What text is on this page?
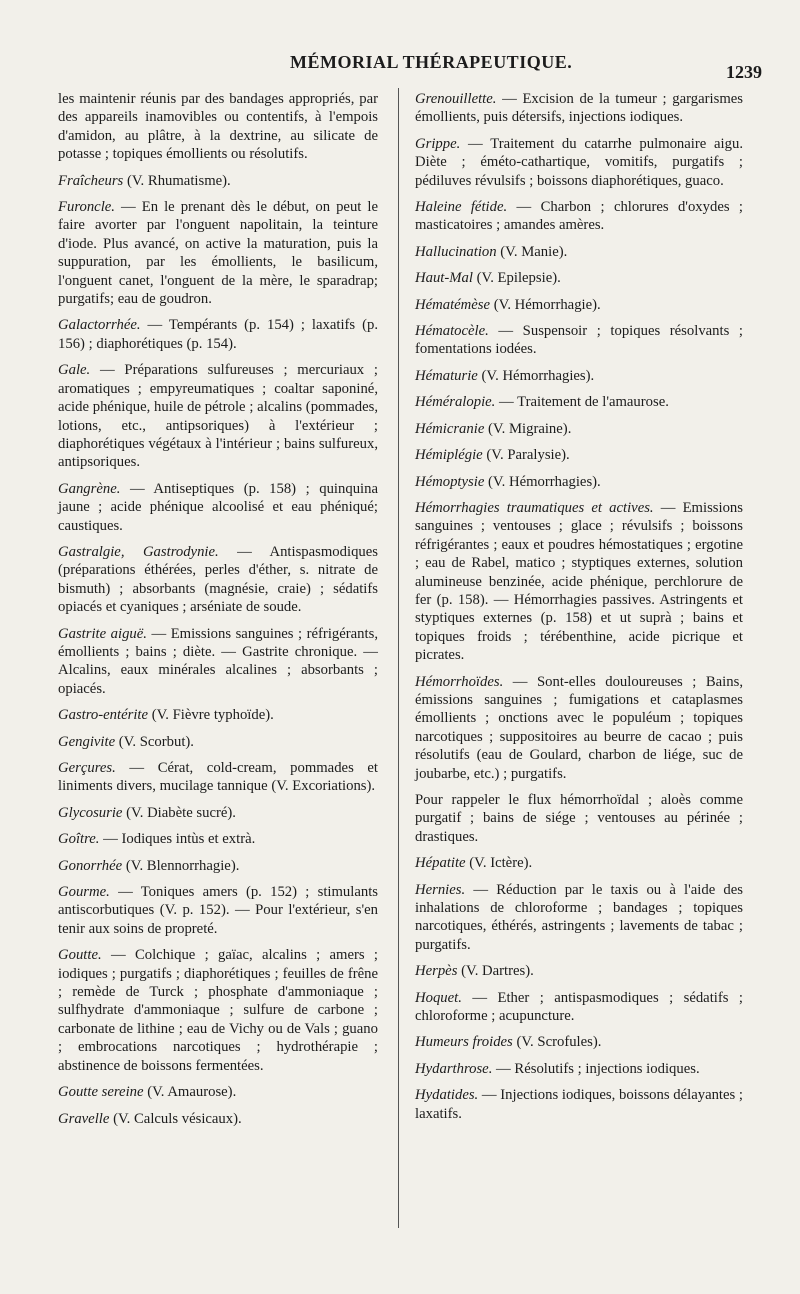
MÉMORIAL THÉRAPEUTIQUE.	1239

les maintenir réunis par des bandages appropriés, par des appareils inamovibles ou contentifs, à l'empois d'amidon, au plâtre, à la dextrine, au silicate de potasse ; topiques émollients ou résolutifs.

Fraîcheurs (V. Rhumatisme).

Furoncle. — En le prenant dès le début, on peut le faire avorter par l'onguent napolitain, la teinture d'iode. Plus avancé, on active la maturation, puis la suppuration, par les émollients, le basilicum, l'onguent canet, l'onguent de la mère, le sparadrap; purgatifs; eau de goudron.

Galactorrhée. — Tempérants (p. 154) ; laxatifs (p. 156) ; diaphorétiques (p. 154).

Gale. — Préparations sulfureuses ; mercuriaux ; aromatiques ; empyreumatiques ; coaltar saponiné, acide phénique, huile de pétrole ; alcalins (pommades, lotions, etc., antipsoriques) à l'extérieur ; diaphorétiques végétaux à l'intérieur ; bains sulfureux, antipsoriques.

Gangrène. — Antiseptiques (p. 158) ; quinquina jaune ; acide phénique alcoolisé et eau phéniqué; caustiques.

Gastralgie, Gastrodynie. — Antispasmodiques (préparations éthérées, perles d'éther, s. nitrate de bismuth) ; absorbants (magnésie, craie) ; sédatifs opiacés et cyaniques ; arséniate de soude.

Gastrite aiguë. — Emissions sanguines ; réfrigérants, émollients ; bains ; diète. — Gastrite chronique. — Alcalins, eaux minérales alcalines ; absorbants ; opiacés.

Gastro-entérite (V. Fièvre typhoïde).

Gengivite (V. Scorbut).

Gerçures. — Cérat, cold-cream, pommades et liniments divers, mucilage tannique (V. Excoriations).

Glycosurie (V. Diabète sucré).

Goître. — Iodiques intùs et extrà.

Gonorrhée (V. Blennorrhagie).

Gourme. — Toniques amers (p. 152) ; stimulants antiscorbutiques (V. p. 152). — Pour l'extérieur, s'en tenir aux soins de propreté.

Goutte. — Colchique ; gaïac, alcalins ; amers ; iodiques ; purgatifs ; diaphorétiques ; feuilles de frêne ; remède de Turck ; phosphate d'ammoniaque ; sulfhydrate d'ammoniaque ; sulfure de carbone ; carbonate de lithine ; eau de Vichy ou de Vals ; guano ; embrocations narcotiques ; hydrothérapie ; abstinence de boissons fermentées.

Goutte sereine (V. Amaurose).

Gravelle (V. Calculs vésicaux).

Grenouillette. — Excision de la tumeur ; gargarismes émollients, puis détersifs, injections iodiques.

Grippe. — Traitement du catarrhe pulmonaire aigu. Diète ; éméto-cathartique, vomitifs, purgatifs ; pédiluves révulsifs ; boissons diaphorétiques, guaco.

Haleine fétide. — Charbon ; chlorures d'oxydes ; masticatoires ; amandes amères.

Hallucination (V. Manie).

Haut-Mal (V. Epilepsie).

Hématémèse (V. Hémorrhagie).

Hématocèle. — Suspensoir ; topiques résolvants ; fomentations iodées.

Hématurie (V. Hémorrhagies).

Héméralopie. — Traitement de l'amaurose.

Hémicranie (V. Migraine).

Hémiplégie (V. Paralysie).

Hémoptysie (V. Hémorrhagies).

Hémorrhagies traumatiques et actives. — Emissions sanguines ; ventouses ; glace ; révulsifs ; boissons réfrigérantes ; eaux et poudres hémostatiques ; ergotine ; eau de Rabel, matico ; styptiques externes, solution alumineuse benzinée, acide phénique, perchlorure de fer (p. 158). — Hémorrhagies passives. Astringents et styptiques externes (p. 158) et ut suprà ; bains et topiques froids ; térébenthine, acide picrique et picrates.

Hémorrhoïdes. — Sont-elles douloureuses ; Bains, émissions sanguines ; fumigations et cataplasmes émollients ; onctions avec le populéum ; topiques narcotiques ; suppositoires au beurre de cacao ; puis résolutifs (eau de Goulard, charbon de liége, suc de joubarbe, etc.) ; purgatifs.

Pour rappeler le flux hémorrhoïdal ; aloès comme purgatif ; bains de siége ; ventouses au périnée ; drastiques.

Hépatite (V. Ictère).

Hernies. — Réduction par le taxis ou à l'aide des inhalations de chloroforme ; bandages ; topiques narcotiques, éthérés, astringents ; lavements de tabac ; purgatifs.

Herpès (V. Dartres).

Hoquet. — Ether ; antispasmodiques ; sédatifs ; chloroforme ; acupuncture.

Humeurs froides (V. Scrofules).

Hydarthrose. — Résolutifs ; injections iodiques.

Hydatides. — Injections iodiques, boissons délayantes ; laxatifs.
